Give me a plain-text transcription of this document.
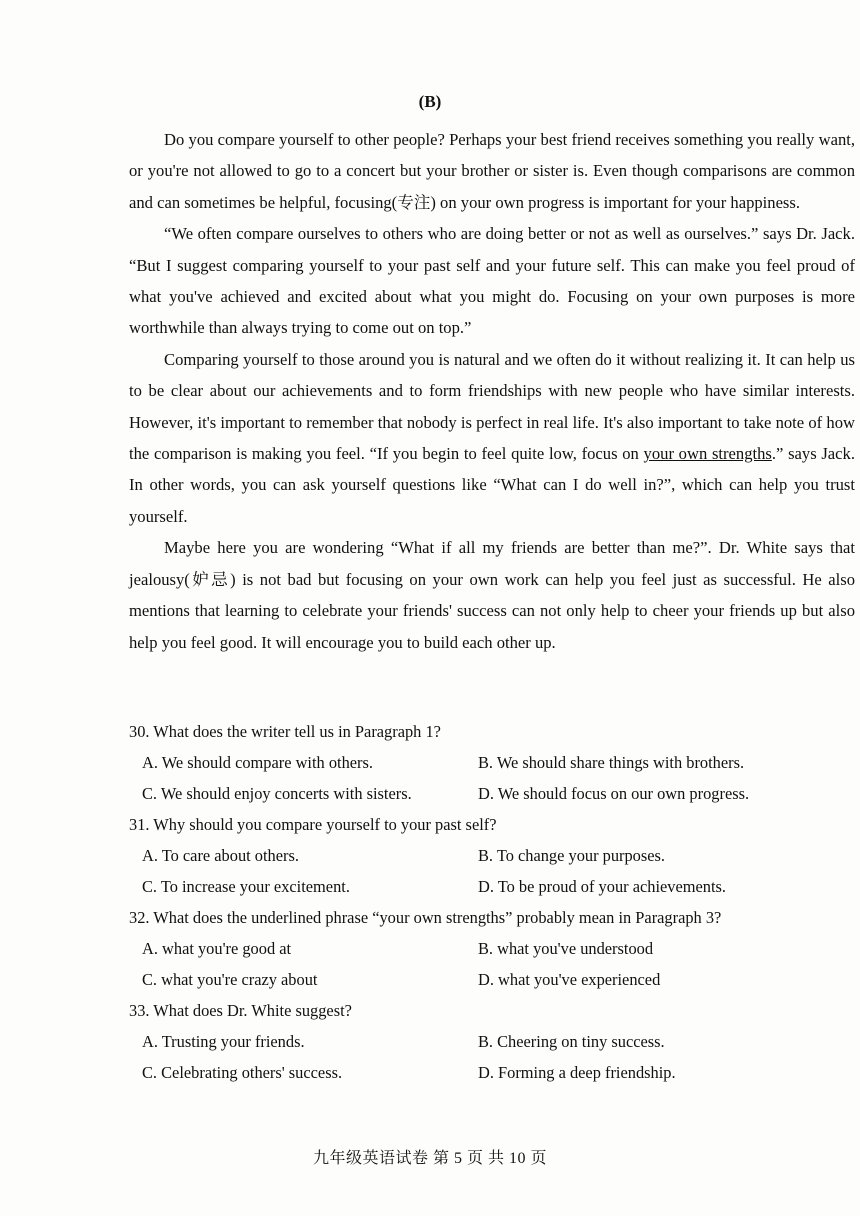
(B)

Do you compare yourself to other people? Perhaps your best friend receives something you really want, or you're not allowed to go to a concert but your brother or sister is. Even though comparisons are common and can sometimes be helpful, focusing(专注) on your own progress is important for your happiness.

“We often compare ourselves to others who are doing better or not as well as ourselves.” says Dr. Jack. “But I suggest comparing yourself to your past self and your future self. This can make you feel proud of what you've achieved and excited about what you might do. Focusing on your own purposes is more worthwhile than always trying to come out on top.”

Comparing yourself to those around you is natural and we often do it without realizing it. It can help us to be clear about our achievements and to form friendships with new people who have similar interests. However, it's important to remember that nobody is perfect in real life. It's also important to take note of how the comparison is making you feel. “If you begin to feel quite low, focus on your own strengths.” says Jack. In other words, you can ask yourself questions like “What can I do well in?”, which can help you trust yourself.

Maybe here you are wondering “What if all my friends are better than me?”. Dr. White says that jealousy(妒忌) is not bad but focusing on your own work can help you feel just as successful. He also mentions that learning to celebrate your friends' success can not only help to cheer your friends up but also help you feel good. It will encourage you to build each other up.

30. What does the writer tell us in Paragraph 1?
A. We should compare with others.	B. We should share things with brothers.
C. We should enjoy concerts with sisters.	D. We should focus on our own progress.
31. Why should you compare yourself to your past self?
A. To care about others.	B. To change your purposes.
C. To increase your excitement.	D. To be proud of your achievements.
32. What does the underlined phrase “your own strengths” probably mean in Paragraph 3?
A. what you're good at	B. what you've understood
C. what you're crazy about	D. what you've experienced
33. What does Dr. White suggest?
A. Trusting your friends.	B. Cheering on tiny success.
C. Celebrating others' success.	D. Forming a deep friendship.
九年级英语试卷 第 5 页 共 10 页
